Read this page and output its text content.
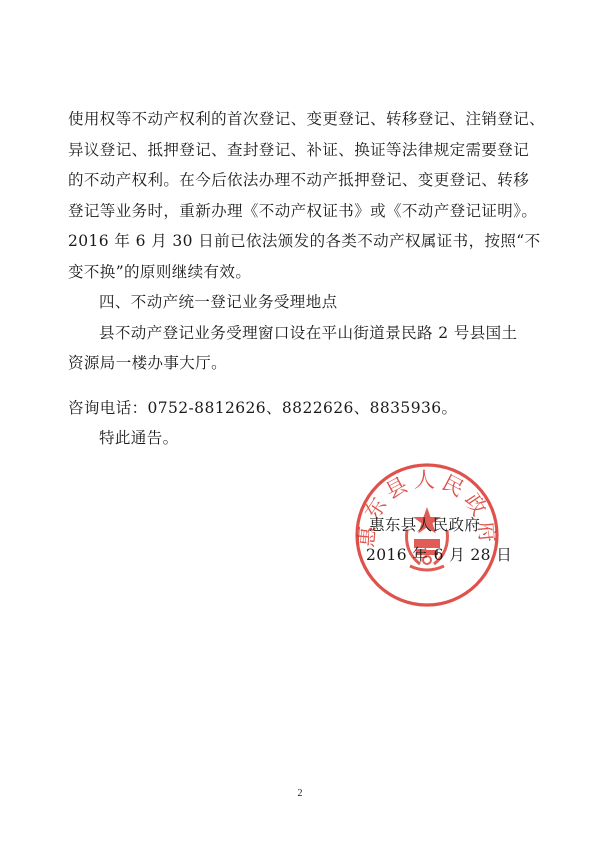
使用权等不动产权利的首次登记、变更登记、转移登记、注销登记、
异议登记、抵押登记、查封登记、补证、换证等法律规定需要登记
的不动产权利。在今后依法办理不动产抵押登记、变更登记、转移
登记等业务时，重新办理《不动产权证书》或《不动产登记证明》。
2016 年 6 月 30 日前已依法颁发的各类不动产权属证书，按照“不
变不换”的原则继续有效。
四、不动产统一登记业务受理地点
县不动产登记业务受理窗口设在平山街道景民路 2 号县国土
资源局一楼办事大厅。
咨询电话：0752-8812626、8822626、8835936。
特此通告。
惠东县人民政府
惠东县人民政府
2016 年 6 月 28 日
2
